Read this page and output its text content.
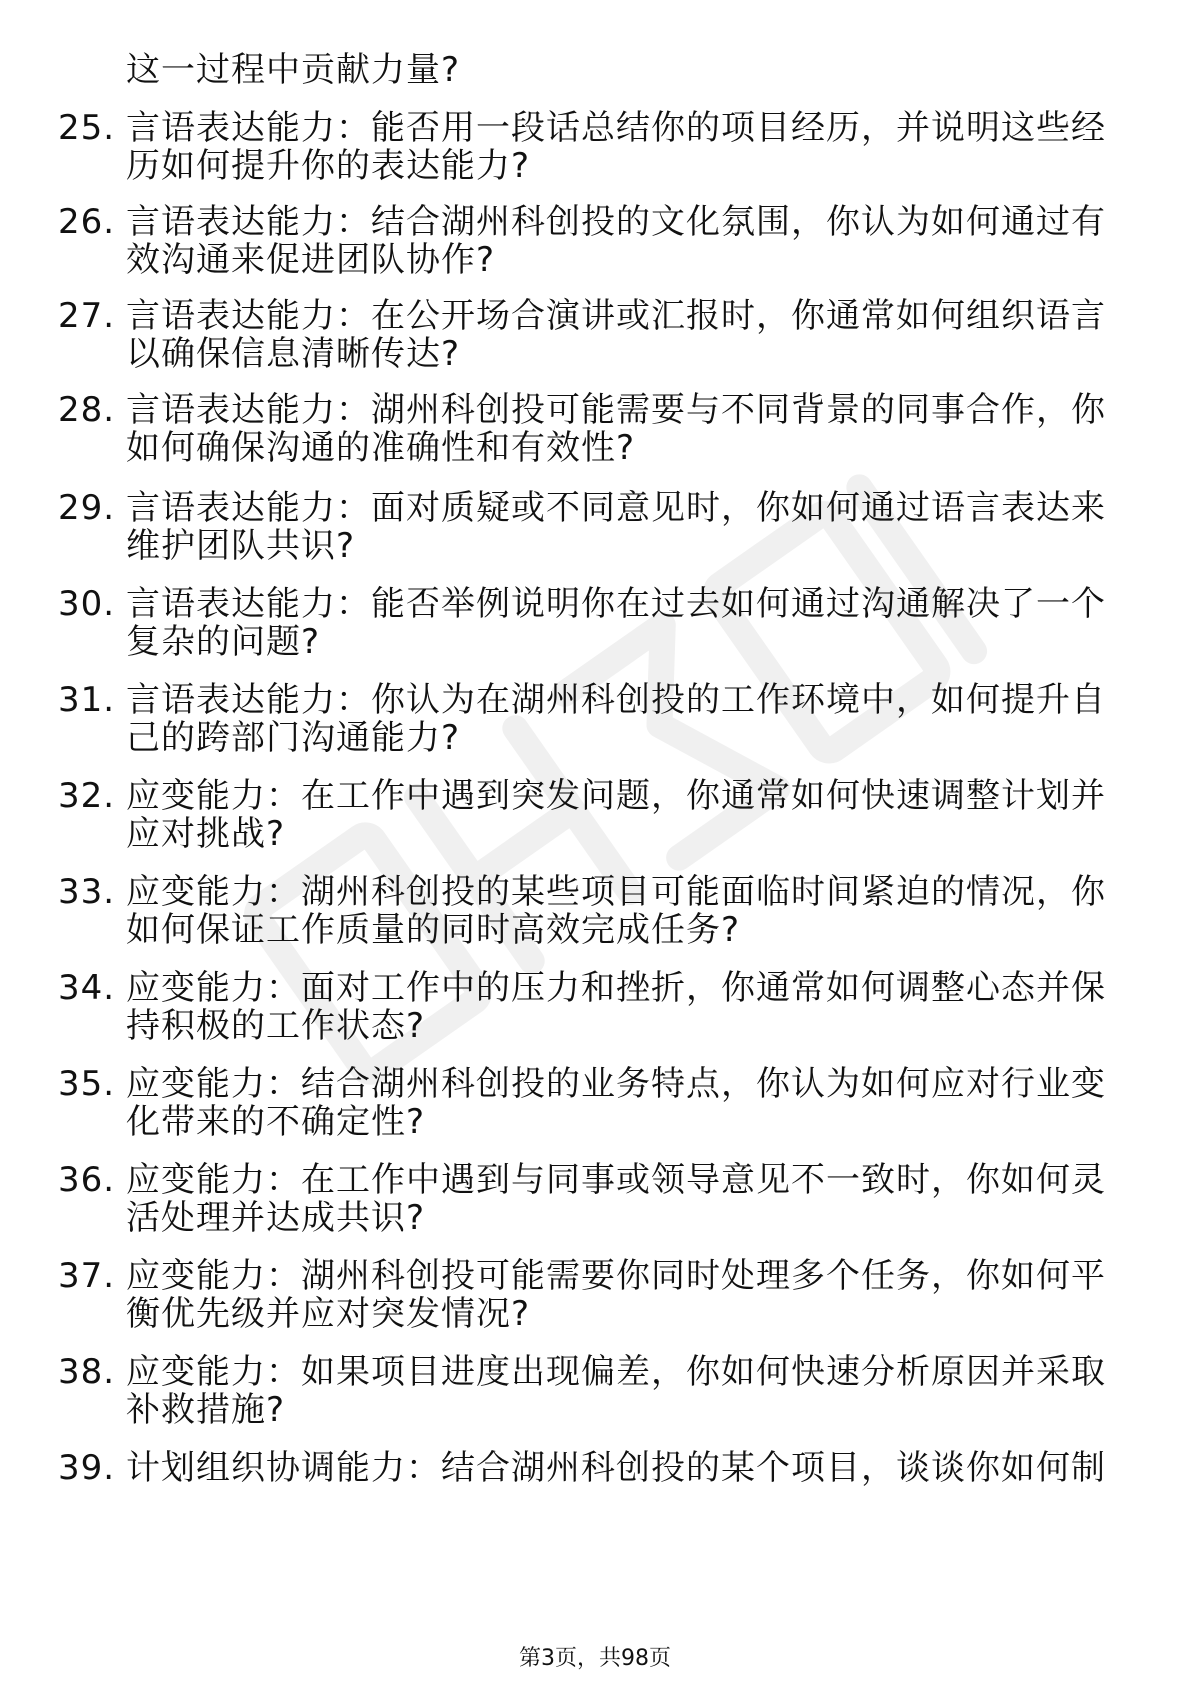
这一过程中贡献力量?
25. 言语表达能力：能否用一段话总结你的项目经历，并说明这些经
历如何提升你的表达能力?
26. 言语表达能力：结合湖州科创投的文化氛围，你认为如何通过有
效沟通来促进团队协作?
27. 言语表达能力：在公开场合演讲或汇报时，你通常如何组织语言
以确保信息清晰传达?
28. 言语表达能力：湖州科创投可能需要与不同背景的同事合作，你
如何确保沟通的准确性和有效性?
29. 言语表达能力：面对质疑或不同意见时，你如何通过语言表达来
维护团队共识?
30. 言语表达能力：能否举例说明你在过去如何通过沟通解决了一个
复杂的问题?
31. 言语表达能力：你认为在湖州科创投的工作环境中，如何提升自
己的跨部门沟通能力?
32. 应变能力：在工作中遇到突发问题，你通常如何快速调整计划并
应对挑战?
33. 应变能力：湖州科创投的某些项目可能面临时间紧迫的情况，你
如何保证工作质量的同时高效完成任务?
34. 应变能力：面对工作中的压力和挫折，你通常如何调整心态并保
持积极的工作状态?
35. 应变能力：结合湖州科创投的业务特点，你认为如何应对行业变
化带来的不确定性?
36. 应变能力：在工作中遇到与同事或领导意见不一致时，你如何灵
活处理并达成共识?
37. 应变能力：湖州科创投可能需要你同时处理多个任务，你如何平
衡优先级并应对突发情况?
38. 应变能力：如果项目进度出现偏差，你如何快速分析原因并采取
补救措施?
39. 计划组织协调能力：结合湖州科创投的某个项目，谈谈你如何制
第3页，共98页
